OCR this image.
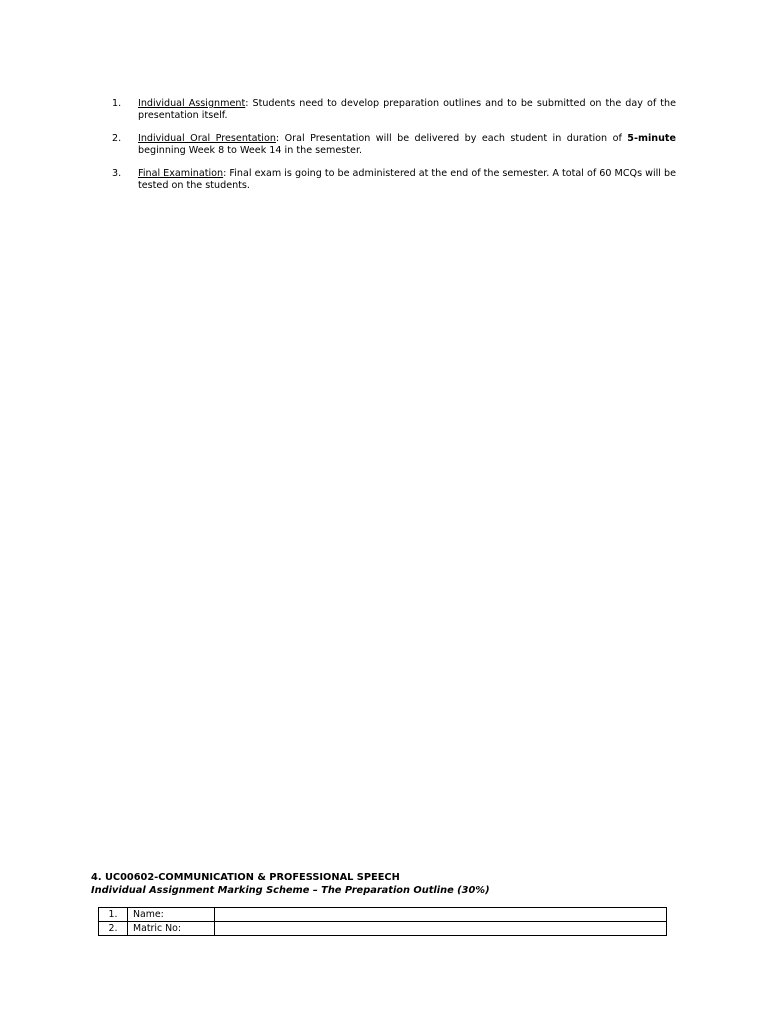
1. Individual Assignment: Students need to develop preparation outlines and to be submitted on the day of the presentation itself.
2. Individual Oral Presentation: Oral Presentation will be delivered by each student in duration of 5-minute beginning Week 8 to Week 14 in the semester.
3. Final Examination: Final exam is going to be administered at the end of the semester. A total of 60 MCQs will be tested on the students.
4. UC00602-COMMUNICATION & PROFESSIONAL SPEECH
Individual Assignment Marking Scheme – The Preparation Outline (30%)
1.	Name:	
2.	Matric No:	
